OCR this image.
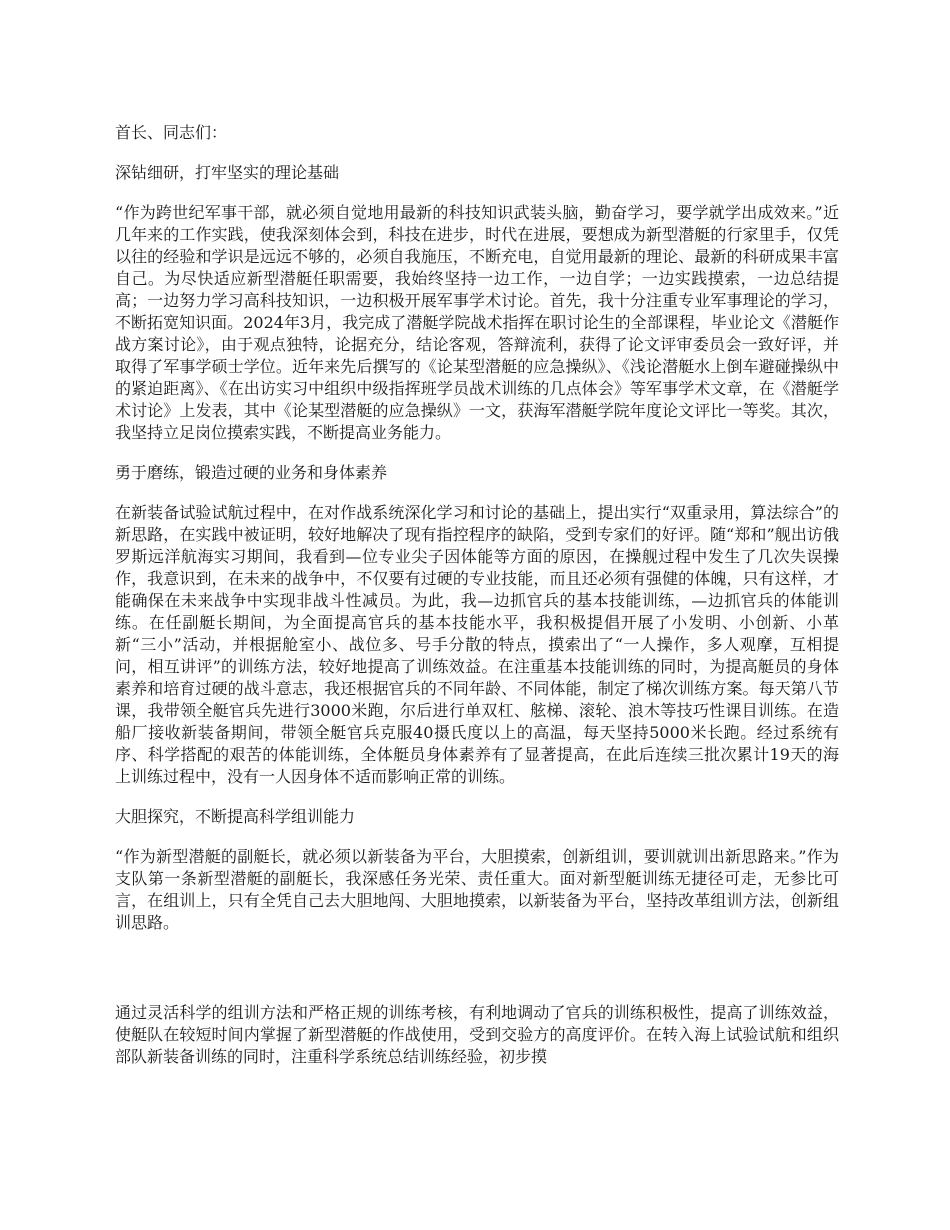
首长、同志们：

深钻细研，打牢坚实的理论基础

“作为跨世纪军事干部，就必须自觉地用最新的科技知识武装头脑，勤奋学习，要学就学出成效来。”近几年来的工作实践，使我深刻体会到，科技在进步，时代在进展，要想成为新型潜艇的行家里手，仅凭以往的经验和学识是远远不够的，必须自我施压，不断充电，自觉用最新的理论、最新的科研成果丰富自己。为尽快适应新型潜艇任职需要，我始终坚持一边工作，一边自学；一边实践摸索，一边总结提高；一边努力学习高科技知识，一边积极开展军事学术讨论。首先，我十分注重专业军事理论的学习，不断拓宽知识面。2024年3月，我完成了潜艇学院战术指挥在职讨论生的全部课程，毕业论文《潜艇作战方案讨论》，由于观点独特，论据充分，结论客观，答辩流利，获得了论文评审委员会一致好评，并取得了军事学硕士学位。近年来先后撰写的《论某型潜艇的应急操纵》、《浅论潜艇水上倒车避碰操纵中的紧迫距离》、《在出访实习中组织中级指挥班学员战术训练的几点体会》等军事学术文章，在《潜艇学术讨论》上发表，其中《论某型潜艇的应急操纵》一文，获海军潜艇学院年度论文评比一等奖。其次，我坚持立足岗位摸索实践，不断提高业务能力。

勇于磨练，锻造过硬的业务和身体素养

在新装备试验试航过程中，在对作战系统深化学习和讨论的基础上，提出实行“双重录用，算法综合”的新思路，在实践中被证明，较好地解决了现有指控程序的缺陷，受到专家们的好评。随“郑和”舰出访俄罗斯远洋航海实习期间，我看到—位专业尖子因体能等方面的原因，在操舰过程中发生了几次失误操作，我意识到，在未来的战争中，不仅要有过硬的专业技能，而且还必须有强健的体魄，只有这样，才能确保在未来战争中实现非战斗性减员。为此，我—边抓官兵的基本技能训练，—边抓官兵的体能训练。在任副艇长期间，为全面提高官兵的基本技能水平，我积极提倡开展了小发明、小创新、小革新“三小”活动，并根据舱室小、战位多、号手分散的特点，摸索出了“一人操作，多人观摩，互相提问，相互讲评”的训练方法，较好地提高了训练效益。在注重基本技能训练的同时，为提高艇员的身体素养和培育过硬的战斗意志，我还根据官兵的不同年龄、不同体能，制定了梯次训练方案。每天第八节课，我带领全艇官兵先进行3000米跑，尔后进行单双杠、舷梯、滚轮、浪木等技巧性课目训练。在造船厂接收新装备期间，带领全艇官兵克服40摄氏度以上的高温，每天坚持5000米长跑。经过系统有序、科学搭配的艰苦的体能训练，全体艇员身体素养有了显著提高，在此后连续三批次累计19天的海上训练过程中，没有一人因身体不适而影响正常的训练。

大胆探究，不断提高科学组训能力

“作为新型潜艇的副艇长，就必须以新装备为平台，大胆摸索，创新组训，要训就训出新思路来。”作为支队第一条新型潜艇的副艇长，我深感任务光荣、责任重大。面对新型艇训练无捷径可走，无参比可言，在组训上，只有全凭自己去大胆地闯、大胆地摸索，以新装备为平台，坚持改革组训方法，创新组训思路。

通过灵活科学的组训方法和严格正规的训练考核，有利地调动了官兵的训练积极性，提高了训练效益，使艇队在较短时间内掌握了新型潜艇的作战使用，受到交验方的高度评价。在转入海上试验试航和组织部队新装备训练的同时，注重科学系统总结训练经验，初步摸
